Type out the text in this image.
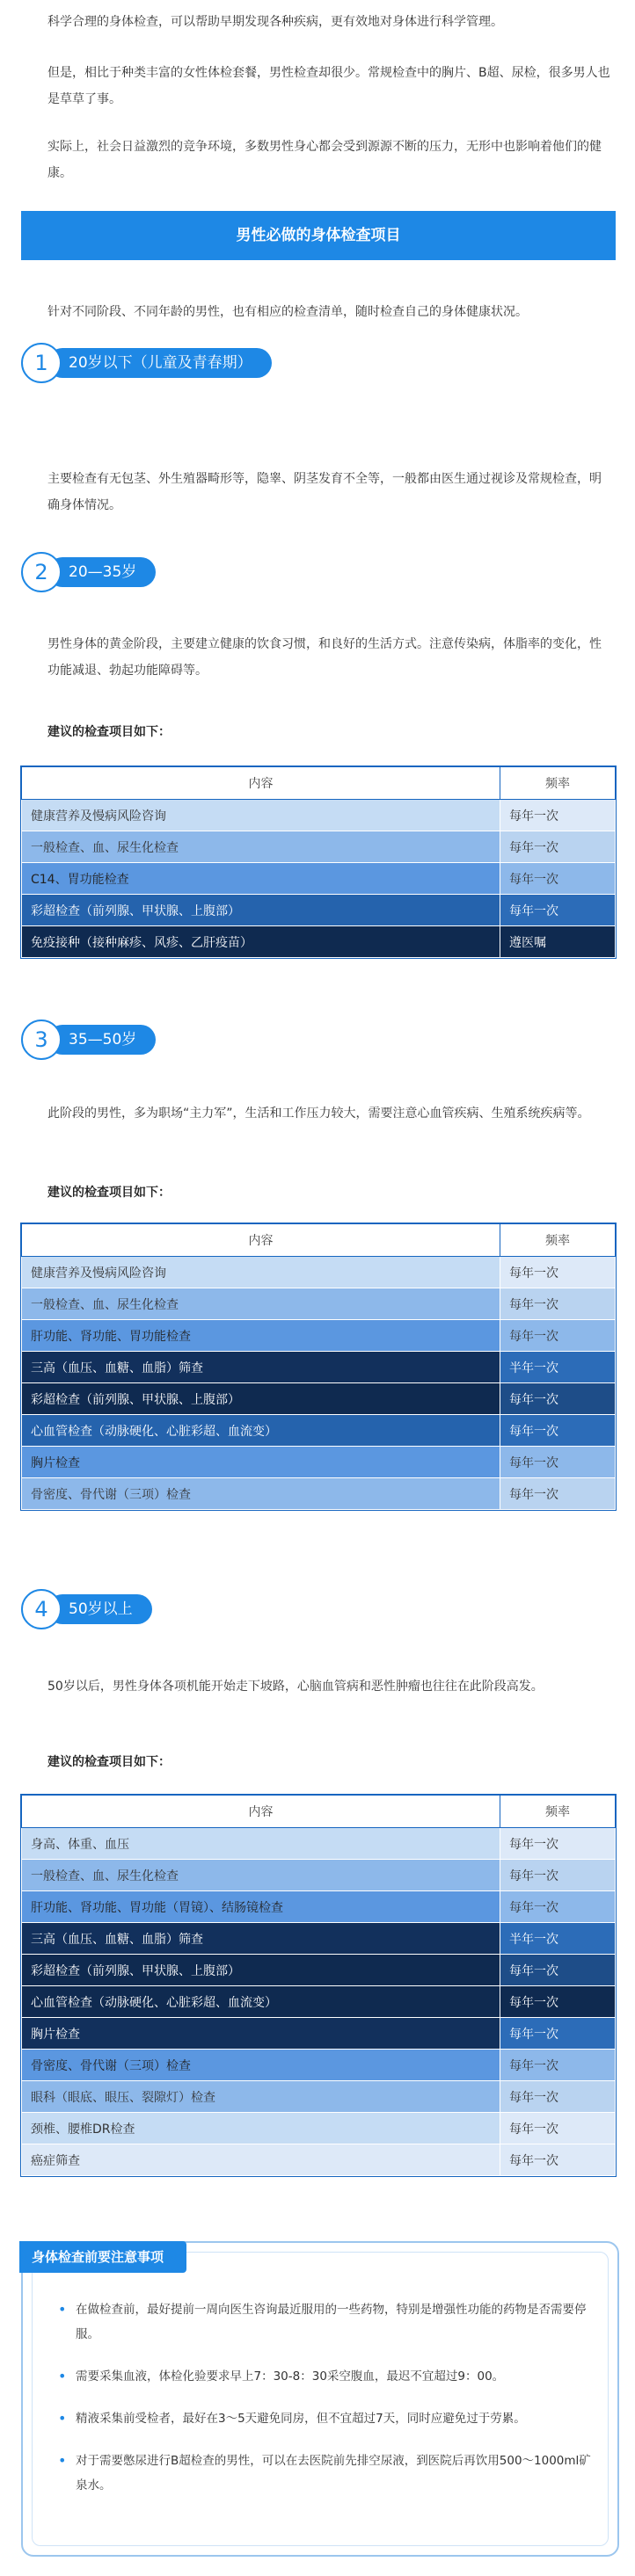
科学合理的身体检查，可以帮助早期发现各种疾病，更有效地对身体进行科学管理。

但是，相比于种类丰富的女性体检套餐，男性检查却很少。常规检查中的胸片、B超、尿检，很多男人也是草草了事。

实际上，社会日益激烈的竞争环境，多数男性身心都会受到源源不断的压力，无形中也影响着他们的健康。

男性必做的身体检查项目

针对不同阶段、不同年龄的男性，也有相应的检查清单，随时检查自己的身体健康状况。

1	20岁以下（儿童及青春期）

主要检查有无包茎、外生殖器畸形等，隐睾、阴茎发育不全等，一般都由医生通过视诊及常规检查，明确身体情况。

2	20—35岁

男性身体的黄金阶段，主要建立健康的饮食习惯，和良好的生活方式。注意传染病，体脂率的变化，性功能减退、勃起功能障碍等。

建议的检查项目如下：
内容	频率
健康营养及慢病风险咨询	每年一次
一般检查、血、尿生化检查	每年一次
C14、胃功能检查	每年一次
彩超检查（前列腺、甲状腺、上腹部）	每年一次
免疫接种（接种麻疹、风疹、乙肝疫苗）	遵医嘱
3	35—50岁

此阶段的男性，多为职场“主力军”，生活和工作压力较大，需要注意心血管疾病、生殖系统疾病等。

建议的检查项目如下：
内容	频率
健康营养及慢病风险咨询	每年一次
一般检查、血、尿生化检查	每年一次
肝功能、肾功能、胃功能检查	每年一次
三高（血压、血糖、血脂）筛查	半年一次
彩超检查（前列腺、甲状腺、上腹部）	每年一次
心血管检查（动脉硬化、心脏彩超、血流变）	每年一次
胸片检查	每年一次
骨密度、骨代谢（三项）检查	每年一次
4	50岁以上

50岁以后，男性身体各项机能开始走下坡路，心脑血管病和恶性肿瘤也往往在此阶段高发。

建议的检查项目如下：
内容	频率
身高、体重、血压	每年一次
一般检查、血、尿生化检查	每年一次
肝功能、肾功能、胃功能（胃镜）、结肠镜检查	每年一次
三高（血压、血糖、血脂）筛查	半年一次
彩超检查（前列腺、甲状腺、上腹部）	每年一次
心血管检查（动脉硬化、心脏彩超、血流变）	每年一次
胸片检查	每年一次
骨密度、骨代谢（三项）检查	每年一次
眼科（眼底、眼压、裂隙灯）检查	每年一次
颈椎、腰椎DR检查	每年一次
癌症筛查	每年一次
身体检查前要注意事项
• 在做检查前，最好提前一周向医生咨询最近服用的一些药物，特别是增强性功能的药物是否需要停服。
• 需要采集血液，体检化验要求早上7：30-8：30采空腹血，最迟不宜超过9：00。
• 精液采集前受检者，最好在3～5天避免同房，但不宜超过7天，同时应避免过于劳累。
• 对于需要憋尿进行B超检查的男性，可以在去医院前先排空尿液，到医院后再饮用500～1000ml矿泉水。
